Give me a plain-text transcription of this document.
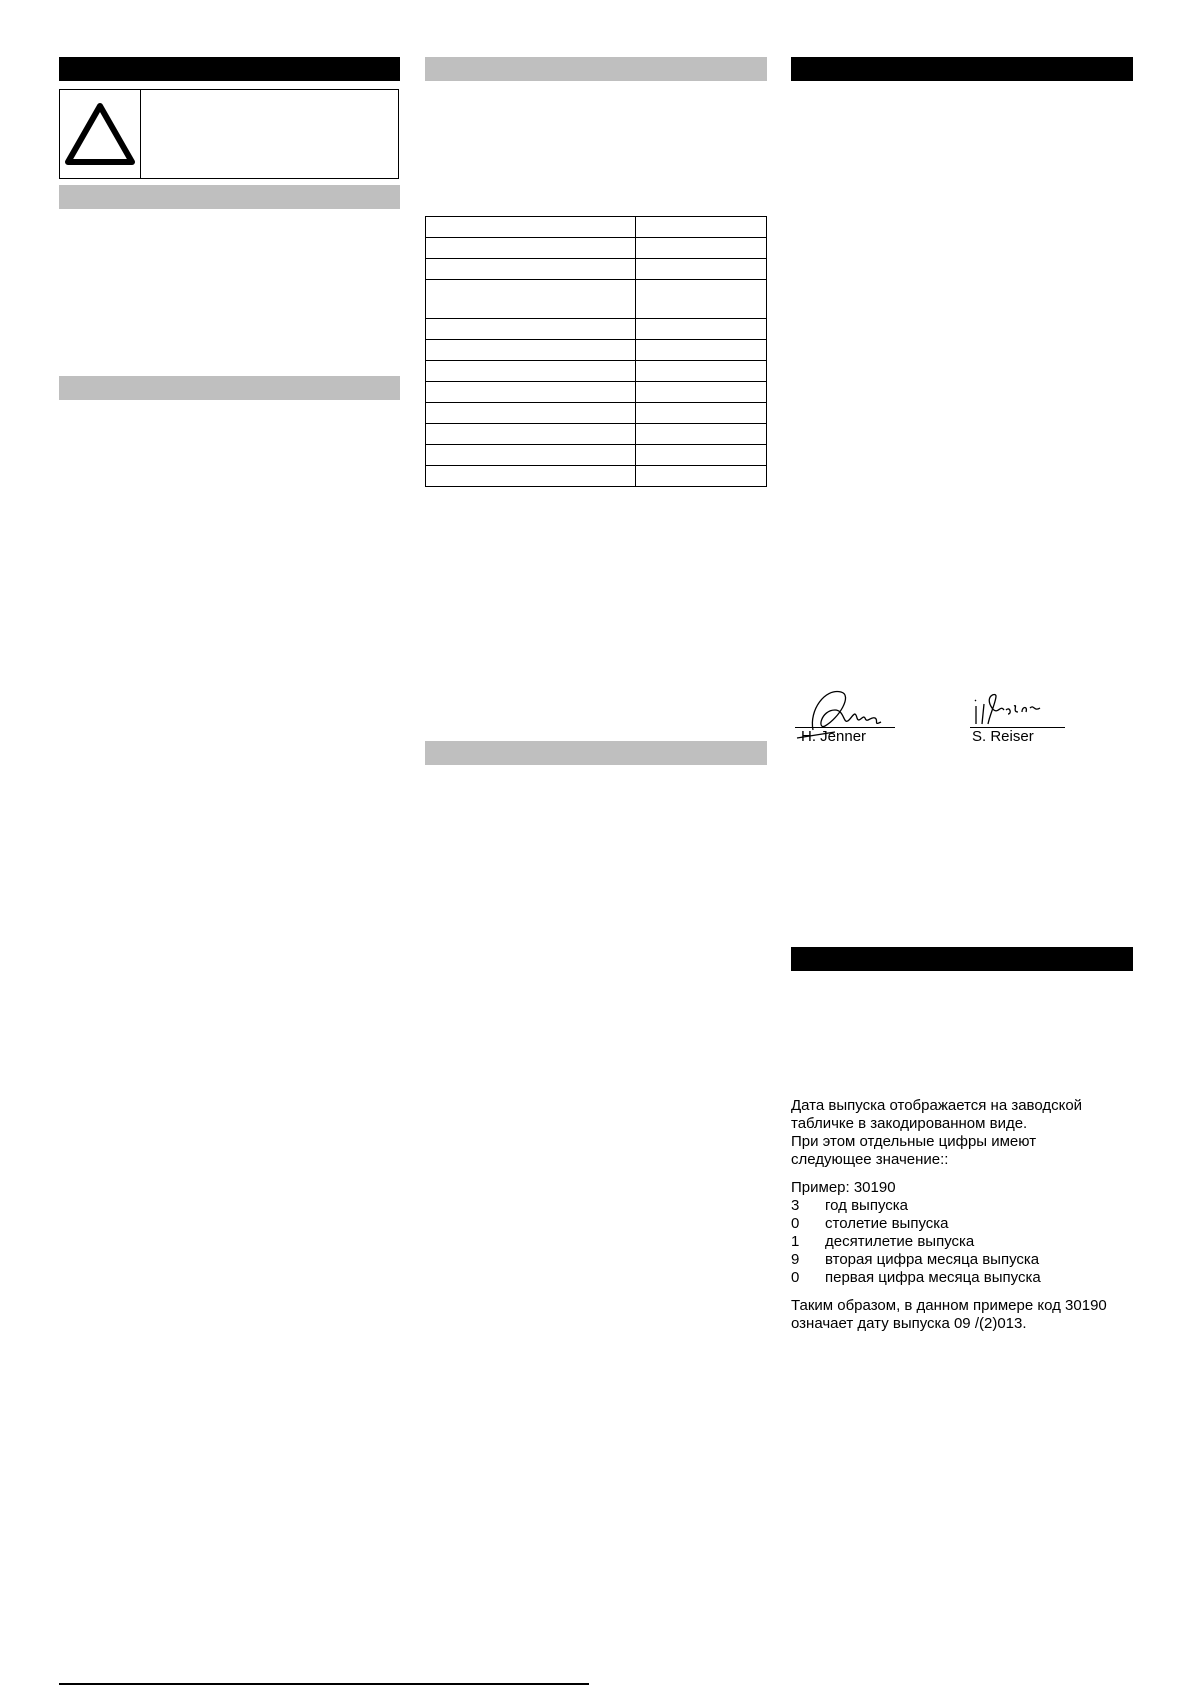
H. Jenner	S. Reiser

Дата выпуска отображается на заводской

табличке в закодированном виде.

При этом отдельные цифры имеют

следующее значение::

Пример: 30190

3	год выпуска
0	столетие выпуска
1	десятилетие выпуска
9	вторая цифра месяца выпуска
0	первая цифра месяца выпуска

Таким образом, в данном примере код 30190

означает дату выпуска 09 /(2)013.
